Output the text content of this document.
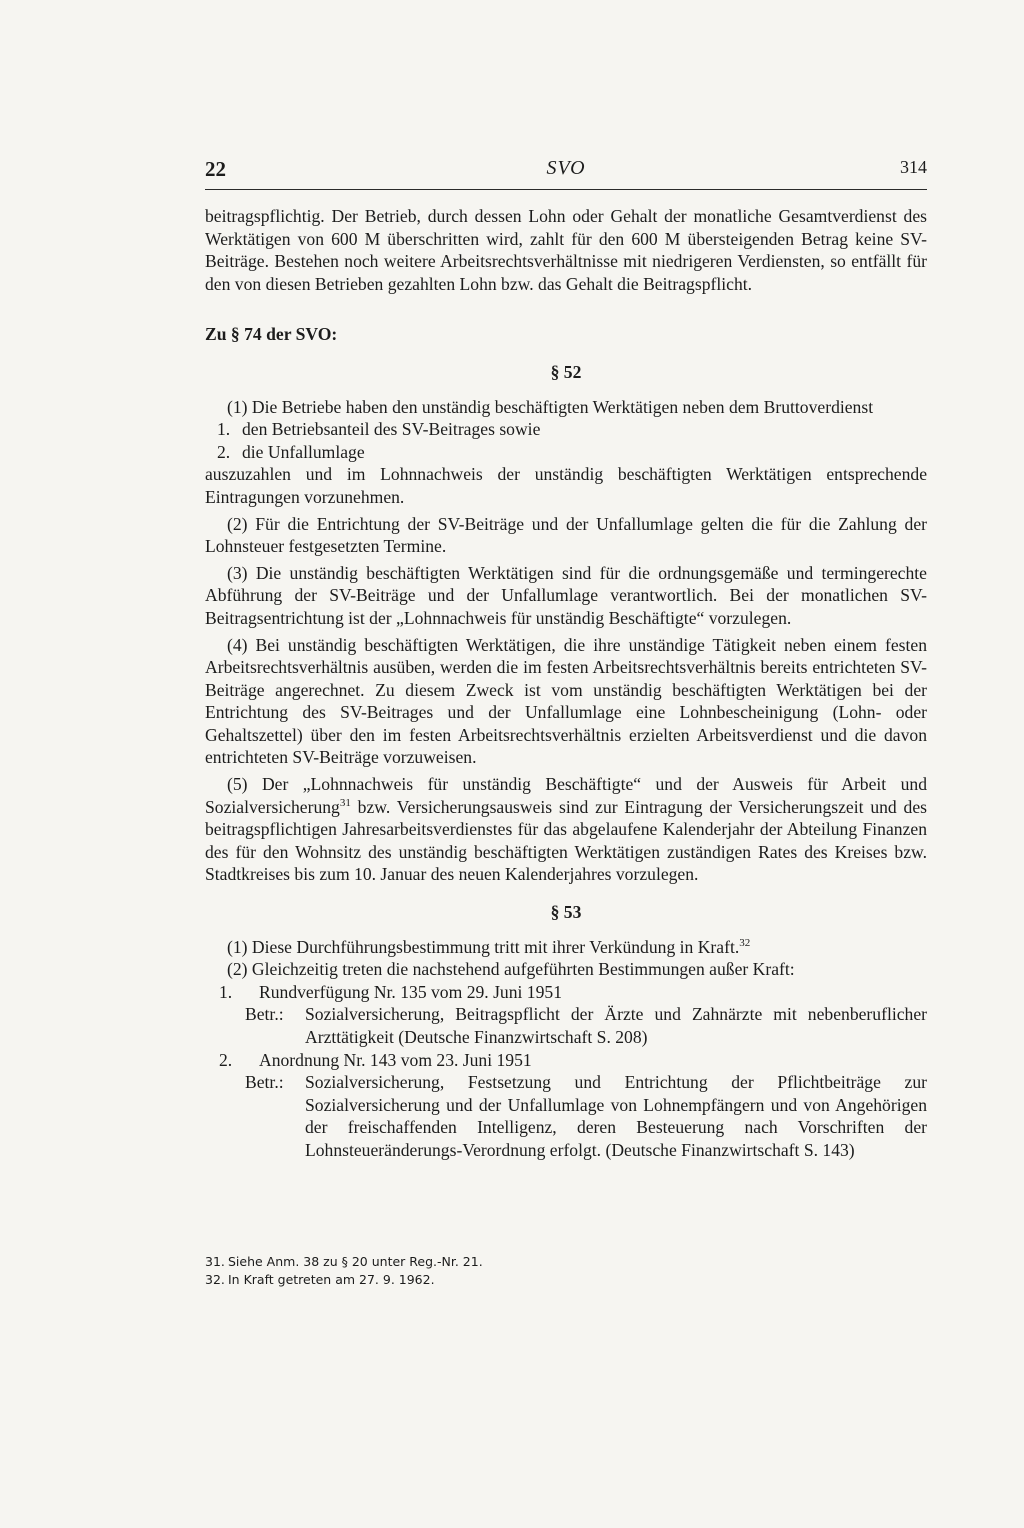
22	SVO	314

beitragspflichtig. Der Betrieb, durch dessen Lohn oder Gehalt der monatliche Gesamtverdienst des Werktätigen von 600 M überschritten wird, zahlt für den 600 M übersteigenden Betrag keine SV-Beiträge. Bestehen noch weitere Arbeitsrechtsverhältnisse mit niedrigeren Verdiensten, so entfällt für den von diesen Betrieben gezahlten Lohn bzw. das Gehalt die Beitragspflicht.

Zu § 74 der SVO:

§ 52

(1) Die Betriebe haben den unständig beschäftigten Werktätigen neben dem Bruttoverdienst

1. den Betriebsanteil des SV-Beitrages sowie

2. die Unfallumlage

auszuzahlen und im Lohnnachweis der unständig beschäftigten Werktätigen entsprechende Eintragungen vorzunehmen.

(2) Für die Entrichtung der SV-Beiträge und der Unfallumlage gelten die für die Zahlung der Lohnsteuer festgesetzten Termine.

(3) Die unständig beschäftigten Werktätigen sind für die ordnungsgemäße und termingerechte Abführung der SV-Beiträge und der Unfallumlage verantwortlich. Bei der monatlichen SV-Beitragsentrichtung ist der „Lohnnachweis für unständig Beschäftigte“ vorzulegen.

(4) Bei unständig beschäftigten Werktätigen, die ihre unständige Tätigkeit neben einem festen Arbeitsrechtsverhältnis ausüben, werden die im festen Arbeitsrechtsverhältnis bereits entrichteten SV-Beiträge angerechnet. Zu diesem Zweck ist vom unständig beschäftigten Werktätigen bei der Entrichtung des SV-Beitrages und der Unfallumlage eine Lohnbescheinigung (Lohn- oder Gehaltszettel) über den im festen Arbeitsrechtsverhältnis erzielten Arbeitsverdienst und die davon entrichteten SV-Beiträge vorzuweisen.

(5) Der „Lohnnachweis für unständig Beschäftigte“ und der Ausweis für Arbeit und Sozialversicherung$^{31}$ bzw. Versicherungsausweis sind zur Eintragung der Versicherungszeit und des beitragspflichtigen Jahresarbeitsverdienstes für das abgelaufene Kalenderjahr der Abteilung Finanzen des für den Wohnsitz des unständig beschäftigten Werktätigen zuständigen Rates des Kreises bzw. Stadtkreises bis zum 10. Januar des neuen Kalenderjahres vorzulegen.

§ 53

(1) Diese Durchführungsbestimmung tritt mit ihrer Verkündung in Kraft.$^{32}$

(2) Gleichzeitig treten die nachstehend aufgeführten Bestimmungen außer Kraft:

1.	Rundverfügung Nr. 135 vom 29. Juni 1951
Betr.:	Sozialversicherung, Beitragspflicht der Ärzte und Zahnärzte mit nebenberuflicher Arzttätigkeit (Deutsche Finanzwirtschaft S. 208)
2.	Anordnung Nr. 143 vom 23. Juni 1951
Betr.:	Sozialversicherung, Festsetzung und Entrichtung der Pflichtbeiträge zur Sozialversicherung und der Unfallumlage von Lohnempfängern und von Angehörigen der freischaffenden Intelligenz, deren Besteuerung nach Vorschriften der Lohnsteueränderungs-Verordnung erfolgt. (Deutsche Finanzwirtschaft S. 143)

31. Siehe Anm. 38 zu § 20 unter Reg.-Nr. 21.

32. In Kraft getreten am 27. 9. 1962.
